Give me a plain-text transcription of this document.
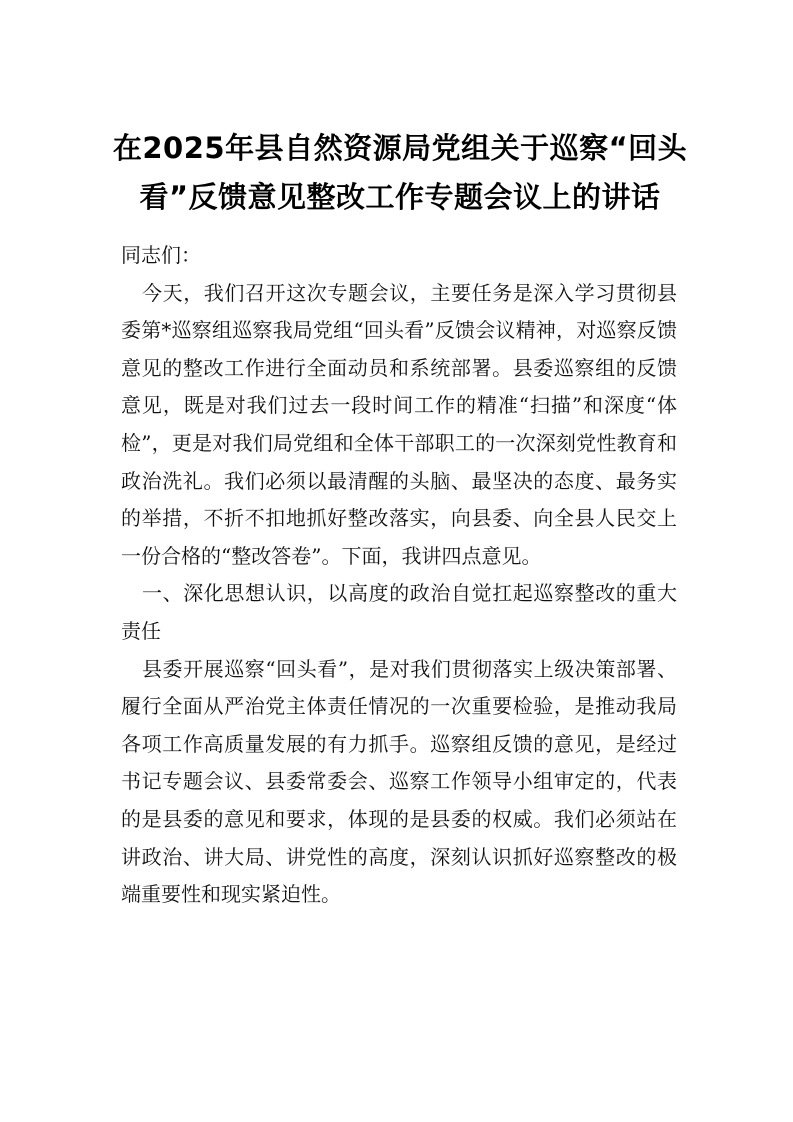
在2025年县自然资源局党组关于巡察“回头看”反馈意见整改工作专题会议上的讲话

同志们：

今天，我们召开这次专题会议，主要任务是深入学习贯彻县委第*巡察组巡察我局党组“回头看”反馈会议精神，对巡察反馈意见的整改工作进行全面动员和系统部署。县委巡察组的反馈意见，既是对我们过去一段时间工作的精准“扫描”和深度“体检”，更是对我们局党组和全体干部职工的一次深刻党性教育和政治洗礼。我们必须以最清醒的头脑、最坚决的态度、最务实的举措，不折不扣地抓好整改落实，向县委、向全县人民交上一份合格的“整改答卷”。下面，我讲四点意见。

一、深化思想认识，以高度的政治自觉扛起巡察整改的重大责任

县委开展巡察“回头看”，是对我们贯彻落实上级决策部署、履行全面从严治党主体责任情况的一次重要检验，是推动我局各项工作高质量发展的有力抓手。巡察组反馈的意见，是经过书记专题会议、县委常委会、巡察工作领导小组审定的，代表的是县委的意见和要求，体现的是县委的权威。我们必须站在讲政治、讲大局、讲党性的高度，深刻认识抓好巡察整改的极端重要性和现实紧迫性。
